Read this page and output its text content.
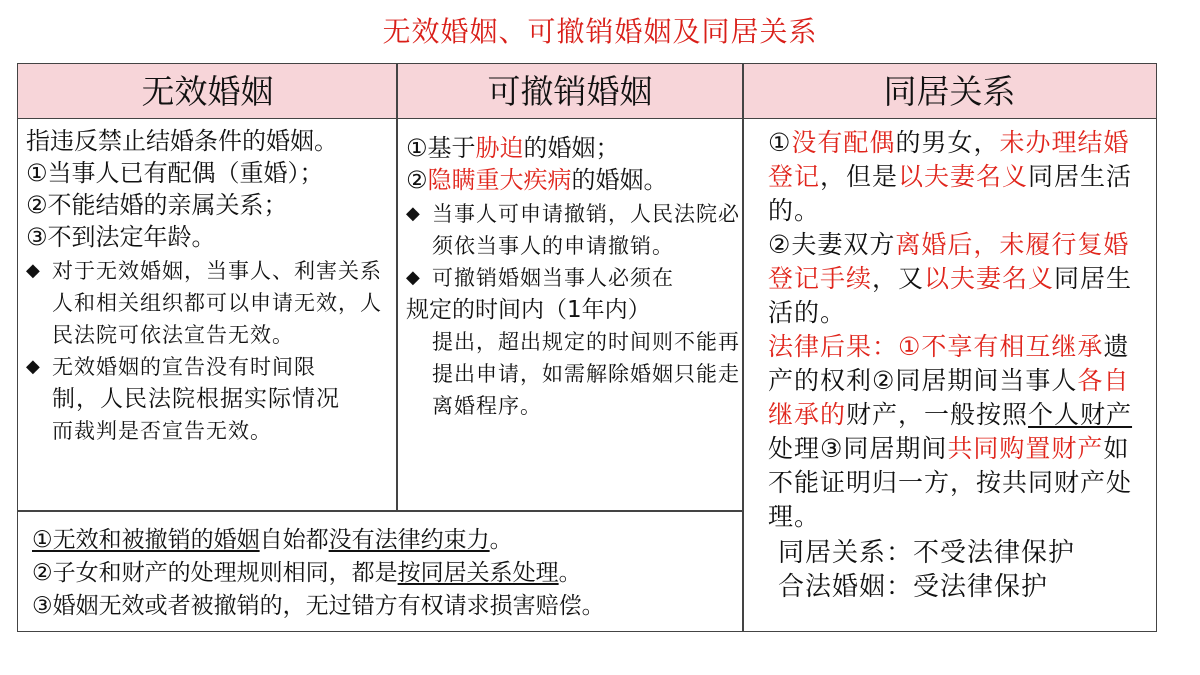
无效婚姻、可撤销婚姻及同居关系
无效婚姻	可撤销婚姻	同居关系
指违反禁止结婚条件的婚姻。
①当事人已有配偶（重婚）；
②不能结婚的亲属关系；
③不到法定年龄。
◆ 对于无效婚姻，当事人、利害关系人和相关组织都可以申请无效，人民法院可依法宣告无效。
◆ 无效婚姻的宣告没有时间限
制，人民法院根据实际情况
而裁判是否宣告无效。
①基于胁迫的婚姻；
②隐瞒重大疾病的婚姻。
◆ 当事人可申请撤销，人民法院必须依当事人的申请撤销。
◆ 可撤销婚姻当事人必须在
规定的时间内（1年内）
提出，超出规定的时间则不能再提出申请，如需解除婚姻只能走离婚程序。
①没有配偶的男女，未办理结婚登记，但是以夫妻名义同居生活的。
②夫妻双方离婚后，未履行复婚登记手续，又以夫妻名义同居生活的。
法律后果：①不享有相互继承遗产的权利②同居期间当事人各自继承的财产，一般按照个人财产处理③同居期间共同购置财产如不能证明归一方，按共同财产处理。
同居关系：不受法律保护
合法婚姻：受法律保护
①无效和被撤销的婚姻自始都没有法律约束力。
②子女和财产的处理规则相同，都是按同居关系处理。
③婚姻无效或者被撤销的，无过错方有权请求损害赔偿。
